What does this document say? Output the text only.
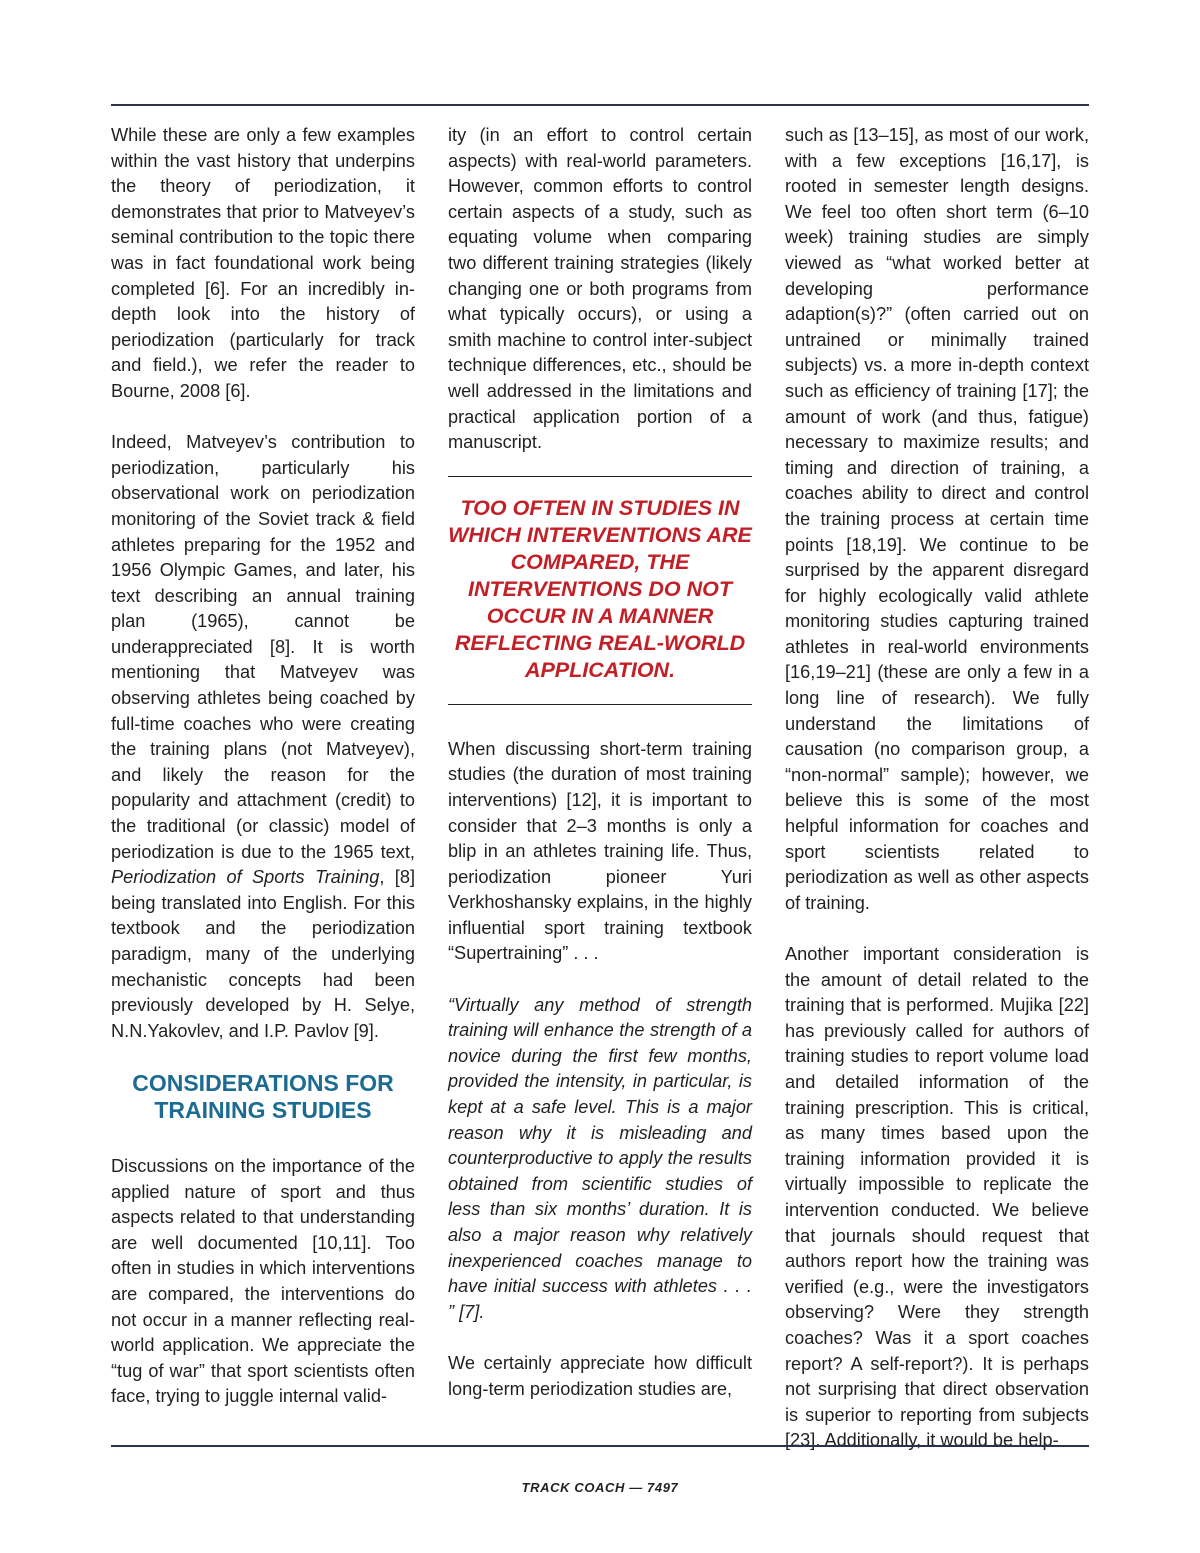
While these are only a few examples within the vast history that underpins the theory of periodization, it demonstrates that prior to Matveyev’s seminal contribution to the topic there was in fact foundational work being completed [6]. For an incredibly in-depth look into the history of periodization (particularly for track and field.), we refer the reader to Bourne, 2008 [6].

Indeed, Matveyev’s contribution to periodization, particularly his observational work on periodization monitoring of the Soviet track & field athletes preparing for the 1952 and 1956 Olympic Games, and later, his text describing an annual training plan (1965), cannot be underappreciated [8]. It is worth mentioning that Matveyev was observing athletes being coached by full-time coaches who were creating the training plans (not Matveyev), and likely the reason for the popularity and attachment (credit) to the traditional (or classic) model of periodization is due to the 1965 text, Periodization of Sports Training, [8] being translated into English. For this textbook and the periodization paradigm, many of the underlying mechanistic concepts had been previously developed by H. Selye, N.N.Yakovlev, and I.P. Pavlov [9].

CONSIDERATIONS FOR TRAINING STUDIES

Discussions on the importance of the applied nature of sport and thus aspects related to that understanding are well documented [10,11]. Too often in studies in which interventions are compared, the interventions do not occur in a manner reflecting real-world application. We appreciate the “tug of war” that sport scientists often face, trying to juggle internal valid-

ity (in an effort to control certain aspects) with real-world parameters. However, common efforts to control certain aspects of a study, such as equating volume when comparing two different training strategies (likely changing one or both programs from what typically occurs), or using a smith machine to control inter-subject technique differences, etc., should be well addressed in the limitations and practical application portion of a manuscript.

TOO OFTEN IN STUDIES IN WHICH INTERVENTIONS ARE COMPARED, THE INTERVENTIONS DO NOT OCCUR IN A MANNER REFLECTING REAL-WORLD APPLICATION.

When discussing short-term training studies (the duration of most training interventions) [12], it is important to consider that 2–3 months is only a blip in an athletes training life. Thus, periodization pioneer Yuri Verkhoshansky explains, in the highly influential sport training textbook “Supertraining” . . .

“Virtually any method of strength training will enhance the strength of a novice during the first few months, provided the intensity, in particular, is kept at a safe level. This is a major reason why it is misleading and counterproductive to apply the results obtained from scientific studies of less than six months’ duration. It is also a major reason why relatively inexperienced coaches manage to have initial success with athletes . . . ” [7].

We certainly appreciate how difficult long-term periodization studies are,

such as [13–15], as most of our work, with a few exceptions [16,17], is rooted in semester length designs. We feel too often short term (6–10 week) training studies are simply viewed as “what worked better at developing performance adaption(s)?” (often carried out on untrained or minimally trained subjects) vs. a more in-depth context such as efficiency of training [17]; the amount of work (and thus, fatigue) necessary to maximize results; and timing and direction of training, a coaches ability to direct and control the training process at certain time points [18,19]. We continue to be surprised by the apparent disregard for highly ecologically valid athlete monitoring studies capturing trained athletes in real-world environments [16,19–21] (these are only a few in a long line of research). We fully understand the limitations of causation (no comparison group, a “non-normal” sample); however, we believe this is some of the most helpful information for coaches and sport scientists related to periodization as well as other aspects of training.

Another important consideration is the amount of detail related to the training that is performed. Mujika [22] has previously called for authors of training studies to report volume load and detailed information of the training prescription. This is critical, as many times based upon the training information provided it is virtually impossible to replicate the intervention conducted. We believe that journals should request that authors report how the training was verified (e.g., were the investigators observing? Were they strength coaches? Was it a sport coaches report? A self-report?). It is perhaps not surprising that direct observation is superior to reporting from subjects [23]. Additionally, it would be help-

TRACK COACH — 7497
